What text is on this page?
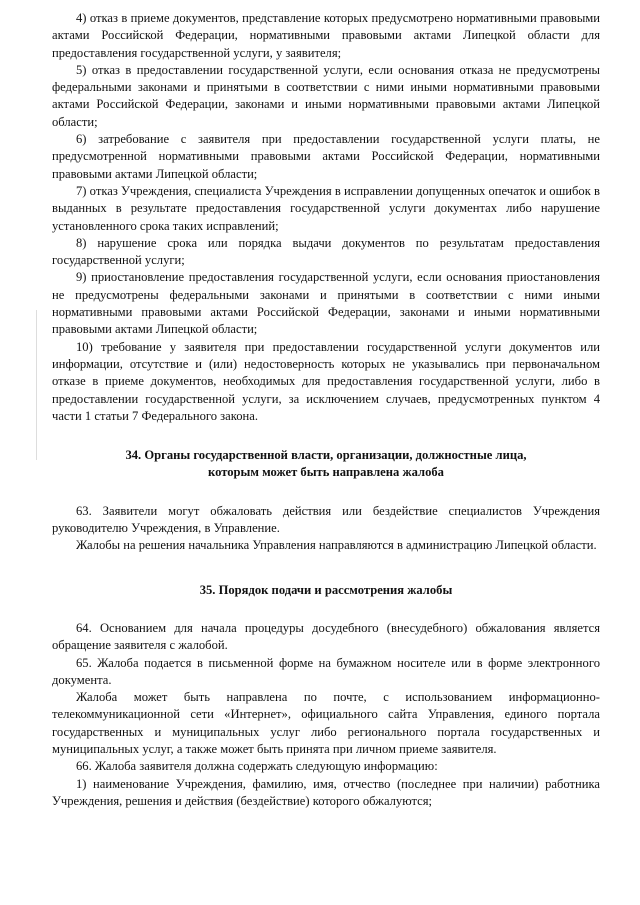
4) отказ в приеме документов, представление которых предусмотрено нормативными правовыми актами Российской Федерации, нормативными правовыми актами Липецкой области для предоставления государственной услуги, у заявителя;

5) отказ в предоставлении государственной услуги, если основания отказа не предусмотрены федеральными законами и принятыми в соответствии с ними иными нормативными правовыми актами Российской Федерации, законами и иными нормативными правовыми актами Липецкой области;

6) затребование с заявителя при предоставлении государственной услуги платы, не предусмотренной нормативными правовыми актами Российской Федерации, нормативными правовыми актами Липецкой области;

7) отказ Учреждения, специалиста Учреждения в исправлении допущенных опечаток и ошибок в выданных в результате предоставления государственной услуги документах либо нарушение установленного срока таких исправлений;

8) нарушение срока или порядка выдачи документов по результатам предоставления государственной услуги;

9) приостановление предоставления государственной услуги, если основания приостановления не предусмотрены федеральными законами и принятыми в соответствии с ними иными нормативными правовыми актами Российской Федерации, законами и иными нормативными правовыми актами Липецкой области;

10) требование у заявителя при предоставлении государственной услуги документов или информации, отсутствие и (или) недостоверность которых не указывались при первоначальном отказе в приеме документов, необходимых для предоставления государственной услуги, либо в предоставлении государственной услуги, за исключением случаев, предусмотренных пунктом 4 части 1 статьи 7 Федерального закона.

34. Органы государственной власти, организации, должностные лица,
которым может быть направлена жалоба

63. Заявители могут обжаловать действия или бездействие специалистов Учреждения руководителю Учреждения, в Управление.

Жалобы на решения начальника Управления направляются в администрацию Липецкой области.

35. Порядок подачи и рассмотрения жалобы

64. Основанием для начала процедуры досудебного (внесудебного) обжалования является обращение заявителя с жалобой.

65. Жалоба подается в письменной форме на бумажном носителе или в форме электронного документа.

Жалоба может быть направлена по почте, с использованием информационно-телекоммуникационной сети «Интернет», официального сайта Управления, единого портала государственных и муниципальных услуг либо регионального портала государственных и муниципальных услуг, а также может быть принята при личном приеме заявителя.

66. Жалоба заявителя должна содержать следующую информацию:

1) наименование Учреждения, фамилию, имя, отчество (последнее при наличии) работника Учреждения, решения и действия (бездействие) которого обжалуются;
